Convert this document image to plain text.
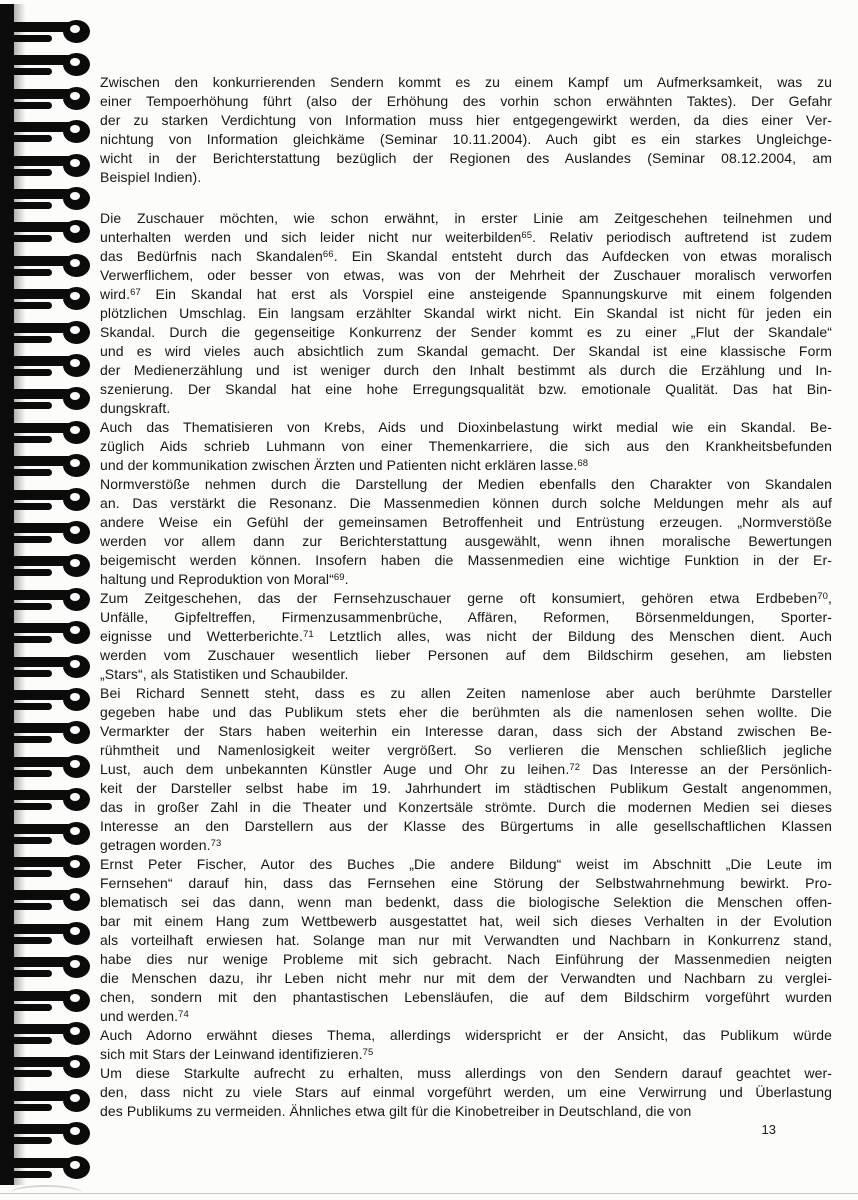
Zwischen den konkurrierenden Sendern kommt es zu einem Kampf um Aufmerksamkeit, was zu
einer Tempoerhöhung führt (also der Erhöhung des vorhin schon erwähnten Taktes). Der Gefahr
der zu starken Verdichtung von Information muss hier entgegengewirkt werden, da dies einer Ver-
nichtung von Information gleichkäme (Seminar 10.11.2004). Auch gibt es ein starkes Ungleichge-
wicht in der Berichterstattung bezüglich der Regionen des Auslandes (Seminar 08.12.2004, am
Beispiel Indien).
Die Zuschauer möchten, wie schon erwähnt, in erster Linie am Zeitgeschehen teilnehmen und
unterhalten werden und sich leider nicht nur weiterbilden$^{65}$. Relativ periodisch auftretend ist zudem
das Bedürfnis nach Skandalen$^{66}$. Ein Skandal entsteht durch das Aufdecken von etwas moralisch
Verwerflichem, oder besser von etwas, was von der Mehrheit der Zuschauer moralisch verworfen
wird.$^{67}$ Ein Skandal hat erst als Vorspiel eine ansteigende Spannungskurve mit einem folgenden
plötzlichen Umschlag. Ein langsam erzählter Skandal wirkt nicht. Ein Skandal ist nicht für jeden ein
Skandal. Durch die gegenseitige Konkurrenz der Sender kommt es zu einer „Flut der Skandale“
und es wird vieles auch absichtlich zum Skandal gemacht. Der Skandal ist eine klassische Form
der Medienerzählung und ist weniger durch den Inhalt bestimmt als durch die Erzählung und In-
szenierung. Der Skandal hat eine hohe Erregungsqualität bzw. emotionale Qualität. Das hat Bin-
dungskraft.
Auch das Thematisieren von Krebs, Aids und Dioxinbelastung wirkt medial wie ein Skandal. Be-
züglich Aids schrieb Luhmann von einer Themenkarriere, die sich aus den Krankheitsbefunden
und der kommunikation zwischen Ärzten und Patienten nicht erklären lasse.$^{68}$
Normverstöße nehmen durch die Darstellung der Medien ebenfalls den Charakter von Skandalen
an. Das verstärkt die Resonanz. Die Massenmedien können durch solche Meldungen mehr als auf
andere Weise ein Gefühl der gemeinsamen Betroffenheit und Entrüstung erzeugen. „Normverstöße
werden vor allem dann zur Berichterstattung ausgewählt, wenn ihnen moralische Bewertungen
beigemischt werden können. Insofern haben die Massenmedien eine wichtige Funktion in der Er-
haltung und Reproduktion von Moral“$^{69}$.
Zum Zeitgeschehen, das der Fernsehzuschauer gerne oft konsumiert, gehören etwa Erdbeben$^{70}$,
Unfälle, Gipfeltreffen, Firmenzusammenbrüche, Affären, Reformen, Börsenmeldungen, Sporter-
eignisse und Wetterberichte.$^{71}$ Letztlich alles, was nicht der Bildung des Menschen dient. Auch
werden vom Zuschauer wesentlich lieber Personen auf dem Bildschirm gesehen, am liebsten
„Stars“, als Statistiken und Schaubilder.
Bei Richard Sennett steht, dass es zu allen Zeiten namenlose aber auch berühmte Darsteller
gegeben habe und das Publikum stets eher die berühmten als die namenlosen sehen wollte. Die
Vermarkter der Stars haben weiterhin ein Interesse daran, dass sich der Abstand zwischen Be-
rühmtheit und Namenlosigkeit weiter vergrößert. So verlieren die Menschen schließlich jegliche
Lust, auch dem unbekannten Künstler Auge und Ohr zu leihen.$^{72}$ Das Interesse an der Persönlich-
keit der Darsteller selbst habe im 19. Jahrhundert im städtischen Publikum Gestalt angenommen,
das in großer Zahl in die Theater und Konzertsäle strömte. Durch die modernen Medien sei dieses
Interesse an den Darstellern aus der Klasse des Bürgertums in alle gesellschaftlichen Klassen
getragen worden.$^{73}$
Ernst Peter Fischer, Autor des Buches „Die andere Bildung“ weist im Abschnitt „Die Leute im
Fernsehen“ darauf hin, dass das Fernsehen eine Störung der Selbstwahrnehmung bewirkt. Pro-
blematisch sei das dann, wenn man bedenkt, dass die biologische Selektion die Menschen offen-
bar mit einem Hang zum Wettbewerb ausgestattet hat, weil sich dieses Verhalten in der Evolution
als vorteilhaft erwiesen hat. Solange man nur mit Verwandten und Nachbarn in Konkurrenz stand,
habe dies nur wenige Probleme mit sich gebracht. Nach Einführung der Massenmedien neigten
die Menschen dazu, ihr Leben nicht mehr nur mit dem der Verwandten und Nachbarn zu verglei-
chen, sondern mit den phantastischen Lebensläufen, die auf dem Bildschirm vorgeführt wurden
und werden.$^{74}$
Auch Adorno erwähnt dieses Thema, allerdings widerspricht er der Ansicht, das Publikum würde
sich mit Stars der Leinwand identifizieren.$^{75}$
Um diese Starkulte aufrecht zu erhalten, muss allerdings von den Sendern darauf geachtet wer-
den, dass nicht zu viele Stars auf einmal vorgeführt werden, um eine Verwirrung und Überlastung
des Publikums zu vermeiden. Ähnliches etwa gilt für die Kinobetreiber in Deutschland, die von
13
